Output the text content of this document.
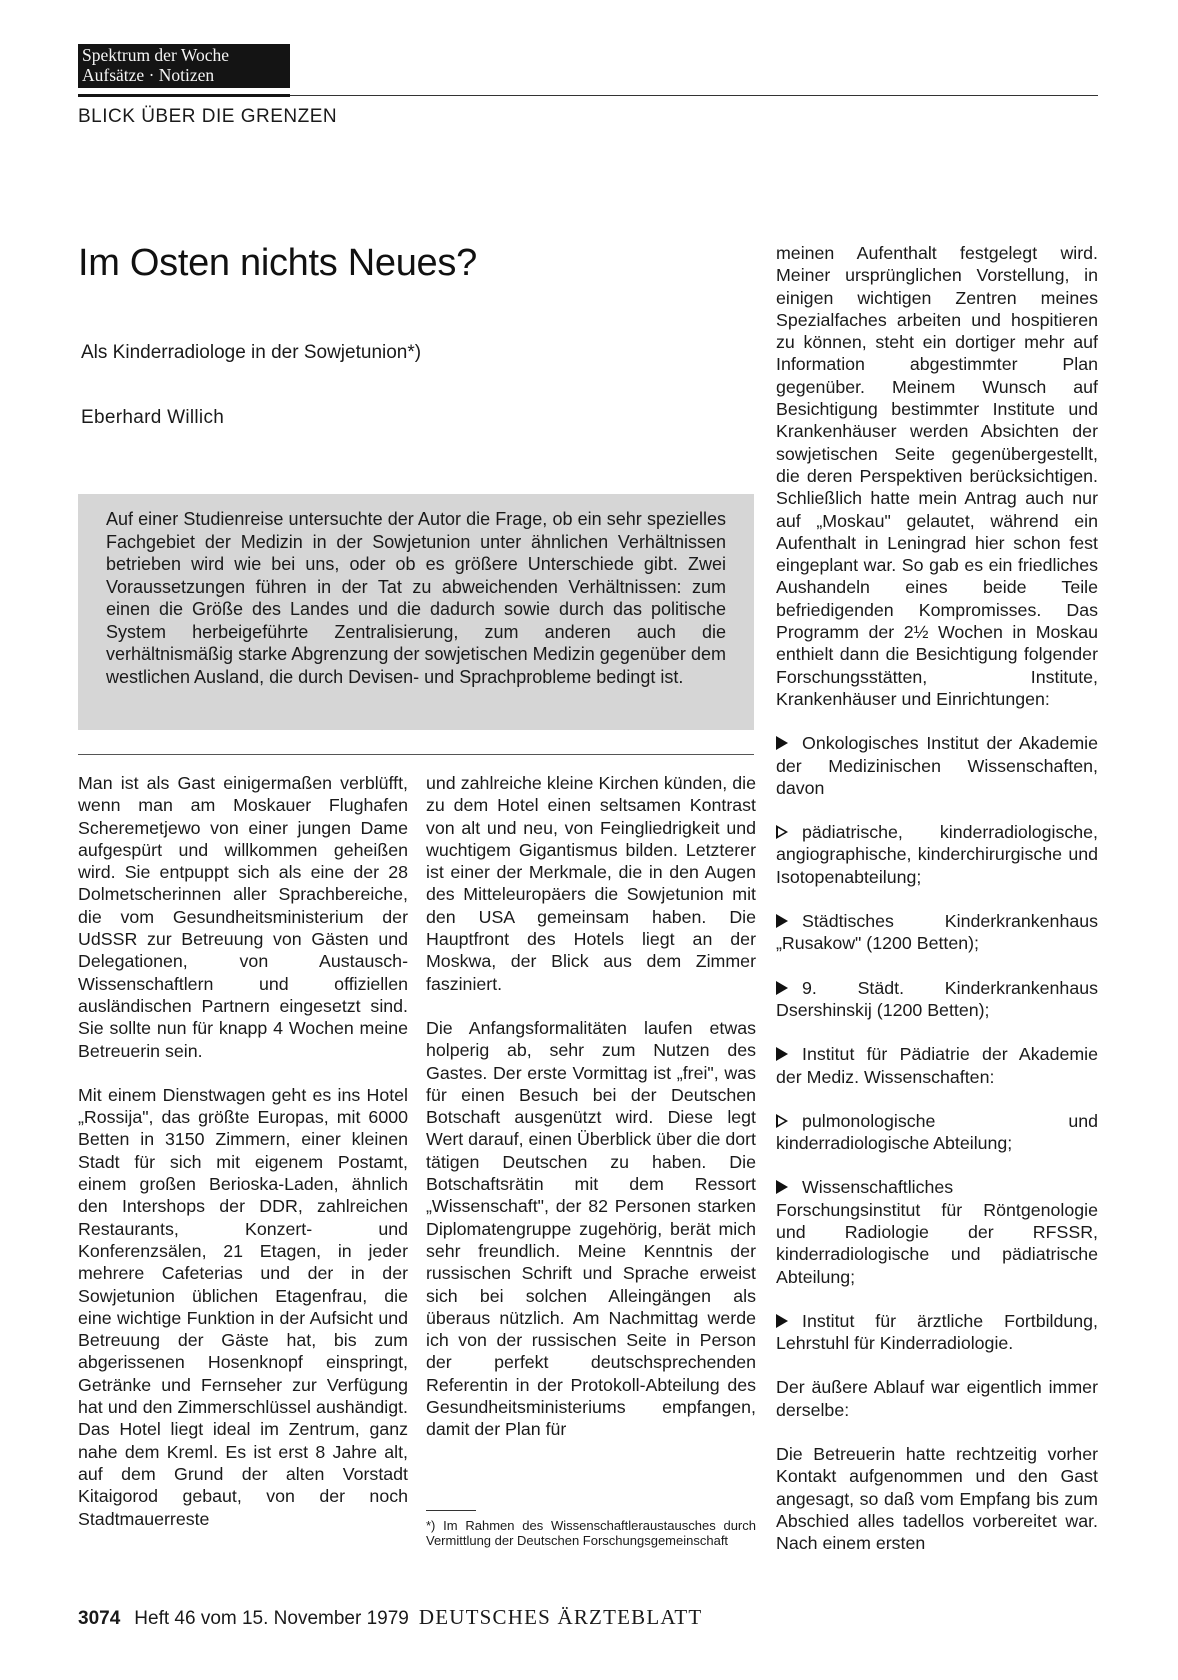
Spektrum der Woche
Aufsätze · Notizen
BLICK ÜBER DIE GRENZEN
Im Osten nichts Neues?
Als Kinderradiologe in der Sowjetunion*)
Eberhard Willich

Auf einer Studienreise untersuchte der Autor die Frage, ob ein sehr spezielles Fachgebiet der Medizin in der Sowjetunion unter ähnlichen Verhältnissen betrieben wird wie bei uns, oder ob es größere Unterschiede gibt. Zwei Voraussetzungen führen in der Tat zu abweichenden Verhältnissen: zum einen die Größe des Landes und die dadurch sowie durch das politische System herbeigeführte Zentralisierung, zum anderen auch die verhältnismäßig starke Abgrenzung der sowjetischen Medizin gegenüber dem westlichen Ausland, die durch Devisen- und Sprachprobleme bedingt ist.

Man ist als Gast einigermaßen verblüfft, wenn man am Moskauer Flughafen Scheremetjewo von einer jungen Dame aufgespürt und willkommen geheißen wird. Sie entpuppt sich als eine der 28 Dolmetscherinnen aller Sprachbereiche, die vom Gesundheitsministerium der UdSSR zur Betreuung von Gästen und Delegationen, von Austausch-Wissenschaftlern und offiziellen ausländischen Partnern eingesetzt sind. Sie sollte nun für knapp 4 Wochen meine Betreuerin sein.

Mit einem Dienstwagen geht es ins Hotel „Rossija", das größte Europas, mit 6000 Betten in 3150 Zimmern, einer kleinen Stadt für sich mit eigenem Postamt, einem großen Berioska-Laden, ähnlich den Intershops der DDR, zahlreichen Restaurants, Konzert- und Konferenzsälen, 21 Etagen, in jeder mehrere Cafeterias und der in der Sowjetunion üblichen Etagenfrau, die eine wichtige Funktion in der Aufsicht und Betreuung der Gäste hat, bis zum abgerissenen Hosenknopf einspringt, Getränke und Fernseher zur Verfügung hat und den Zimmerschlüssel aushändigt. Das Hotel liegt ideal im Zentrum, ganz nahe dem Kreml. Es ist erst 8 Jahre alt, auf dem Grund der alten Vorstadt Kitaigorod gebaut, von der noch Stadtmauerreste

und zahlreiche kleine Kirchen künden, die zu dem Hotel einen seltsamen Kontrast von alt und neu, von Feingliedrigkeit und wuchtigem Gigantismus bilden. Letzterer ist einer der Merkmale, die in den Augen des Mitteleuropäers die Sowjetunion mit den USA gemeinsam haben. Die Hauptfront des Hotels liegt an der Moskwa, der Blick aus dem Zimmer fasziniert.

Die Anfangsformalitäten laufen etwas holperig ab, sehr zum Nutzen des Gastes. Der erste Vormittag ist „frei", was für einen Besuch bei der Deutschen Botschaft ausgenützt wird. Diese legt Wert darauf, einen Überblick über die dort tätigen Deutschen zu haben. Die Botschaftsrätin mit dem Ressort „Wissenschaft", der 82 Personen starken Diplomatengruppe zugehörig, berät mich sehr freundlich. Meine Kenntnis der russischen Schrift und Sprache erweist sich bei solchen Alleingängen als überaus nützlich. Am Nachmittag werde ich von der russischen Seite in Person der perfekt deutschsprechenden Referentin in der Protokoll-Abteilung des Gesundheitsministeriums empfangen, damit der Plan für

*) Im Rahmen des Wissenschaftleraustausches durch Vermittlung der Deutschen Forschungsgemeinschaft

meinen Aufenthalt festgelegt wird. Meiner ursprünglichen Vorstellung, in einigen wichtigen Zentren meines Spezialfaches arbeiten und hospitieren zu können, steht ein dortiger mehr auf Information abgestimmter Plan gegenüber. Meinem Wunsch auf Besichtigung bestimmter Institute und Krankenhäuser werden Absichten der sowjetischen Seite gegenübergestellt, die deren Perspektiven berücksichtigen. Schließlich hatte mein Antrag auch nur auf „Moskau" gelautet, während ein Aufenthalt in Leningrad hier schon fest eingeplant war. So gab es ein friedliches Aushandeln eines beide Teile befriedigenden Kompromisses. Das Programm der 2½ Wochen in Moskau enthielt dann die Besichtigung folgender Forschungsstätten, Institute, Krankenhäuser und Einrichtungen:

Onkologisches Institut der Akademie der Medizinischen Wissenschaften, davon
pädiatrische, kinderradiologische, angiographische, kinderchirurgische und Isotopenabteilung;
Städtisches Kinderkrankenhaus „Rusakow" (1200 Betten);
9. Städt. Kinderkrankenhaus Dsershinskij (1200 Betten);
Institut für Pädiatrie der Akademie der Mediz. Wissenschaften:
pulmonologische und kinderradiologische Abteilung;
Wissenschaftliches Forschungsinstitut für Röntgenologie und Radiologie der RFSSR, kinderradiologische und pädiatrische Abteilung;
Institut für ärztliche Fortbildung, Lehrstuhl für Kinderradiologie.

Der äußere Ablauf war eigentlich immer derselbe:

Die Betreuerin hatte rechtzeitig vorher Kontakt aufgenommen und den Gast angesagt, so daß vom Empfang bis zum Abschied alles tadellos vorbereitet war. Nach einem ersten

3074 Heft 46 vom 15. November 1979 DEUTSCHES ÄRZTEBLATT
